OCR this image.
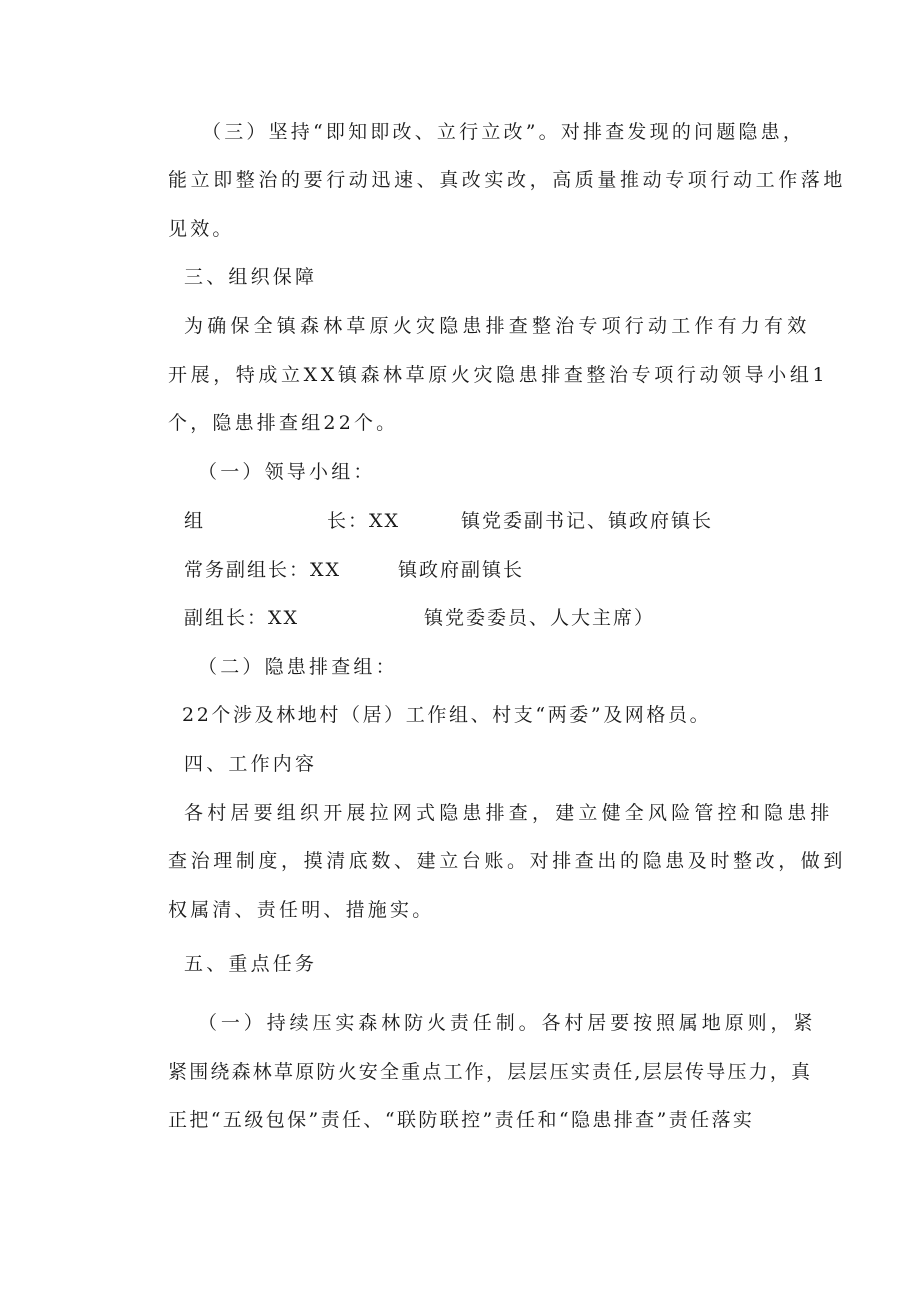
（三）坚持“即知即改、立行立改”。对排查发现的问题隐患，
能立即整治的要行动迅速、真改实改，高质量推动专项行动工作落地
见效。
三、组织保障
为确保全镇森林草原火灾隐患排查整治专项行动工作有力有效
开展，特成立XX镇森林草原火灾隐患排查整治专项行动领导小组1
个，隐患排查组22个。
（一）领导小组：
组	长：XX	镇党委副书记、镇政府镇长
常务副组长：XX	镇政府副镇长
副组长：XX	镇党委委员、人大主席）
（二）隐患排查组：
22个涉及林地村（居）工作组、村支“两委”及网格员。
四、工作内容
各村居要组织开展拉网式隐患排查，建立健全风险管控和隐患排
查治理制度，摸清底数、建立台账。对排查出的隐患及时整改，做到
权属清、责任明、措施实。
五、重点任务
（一）持续压实森林防火责任制。各村居要按照属地原则，紧
紧围绕森林草原防火安全重点工作，层层压实责任,层层传导压力，真
正把“五级包保”责任、“联防联控”责任和“隐患排查”责任落实
